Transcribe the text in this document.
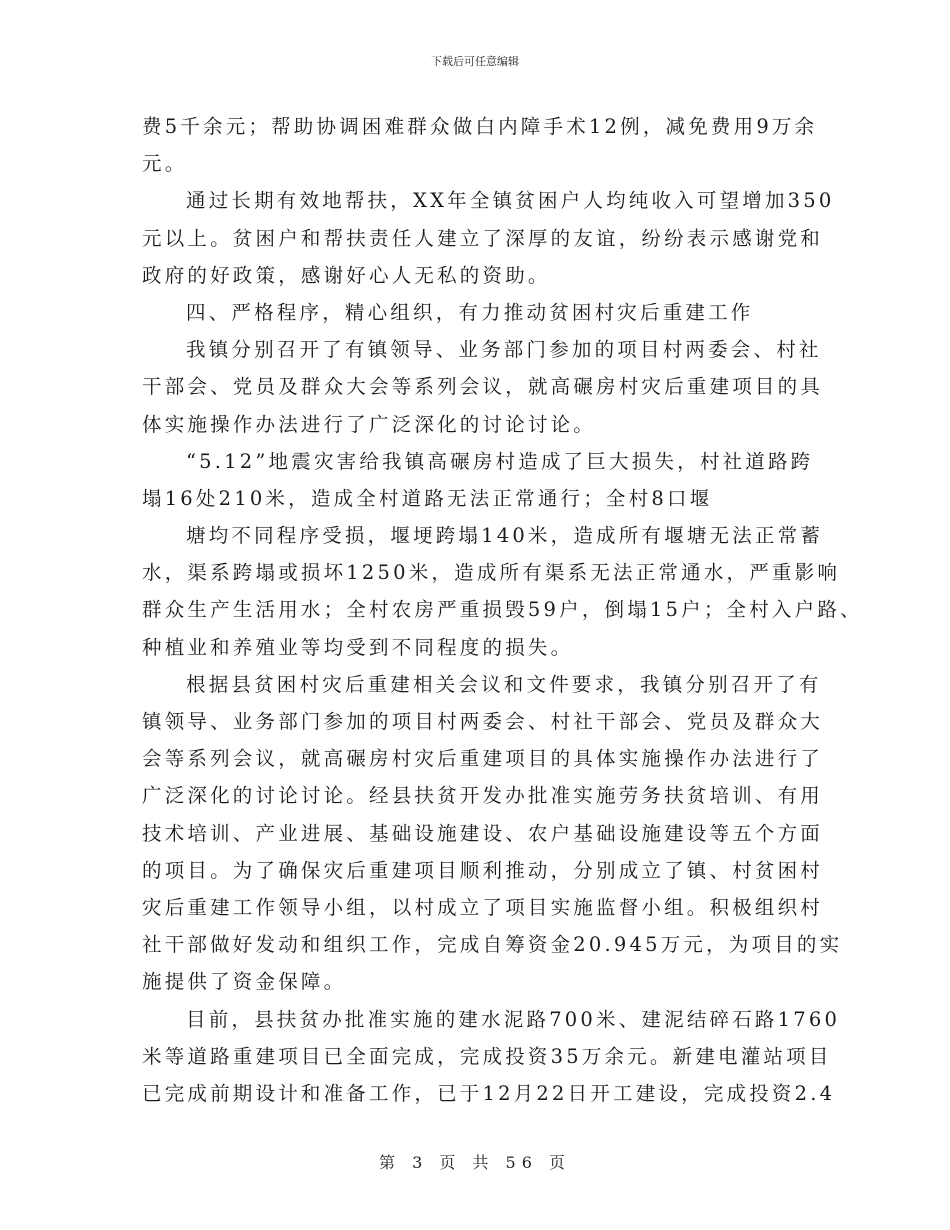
下载后可任意编辑
费5千余元；帮助协调困难群众做白内障手术12例，减免费用9万余
元。
通过长期有效地帮扶，XX年全镇贫困户人均纯收入可望增加350
元以上。贫困户和帮扶责任人建立了深厚的友谊，纷纷表示感谢党和
政府的好政策，感谢好心人无私的资助。
四、严格程序，精心组织，有力推动贫困村灾后重建工作
我镇分别召开了有镇领导、业务部门参加的项目村两委会、村社
干部会、党员及群众大会等系列会议，就高碾房村灾后重建项目的具
体实施操作办法进行了广泛深化的讨论讨论。
“5.12”地震灾害给我镇高碾房村造成了巨大损失，村社道路跨
塌16处210米，造成全村道路无法正常通行；全村8口堰
塘均不同程序受损，堰埂跨塌140米，造成所有堰塘无法正常蓄
水，渠系跨塌或损坏1250米，造成所有渠系无法正常通水，严重影响
群众生产生活用水；全村农房严重损毁59户，倒塌15户；全村入户路、
种植业和养殖业等均受到不同程度的损失。
根据县贫困村灾后重建相关会议和文件要求，我镇分别召开了有
镇领导、业务部门参加的项目村两委会、村社干部会、党员及群众大
会等系列会议，就高碾房村灾后重建项目的具体实施操作办法进行了
广泛深化的讨论讨论。经县扶贫开发办批准实施劳务扶贫培训、有用
技术培训、产业进展、基础设施建设、农户基础设施建设等五个方面
的项目。为了确保灾后重建项目顺利推动，分别成立了镇、村贫困村
灾后重建工作领导小组，以村成立了项目实施监督小组。积极组织村
社干部做好发动和组织工作，完成自筹资金20.945万元，为项目的实
施提供了资金保障。
目前，县扶贫办批准实施的建水泥路700米、建泥结碎石路1760
米等道路重建项目已全面完成，完成投资35万余元。新建电灌站项目
已完成前期设计和准备工作，已于12月22日开工建设，完成投资2.4
第 3 页 共 56 页
